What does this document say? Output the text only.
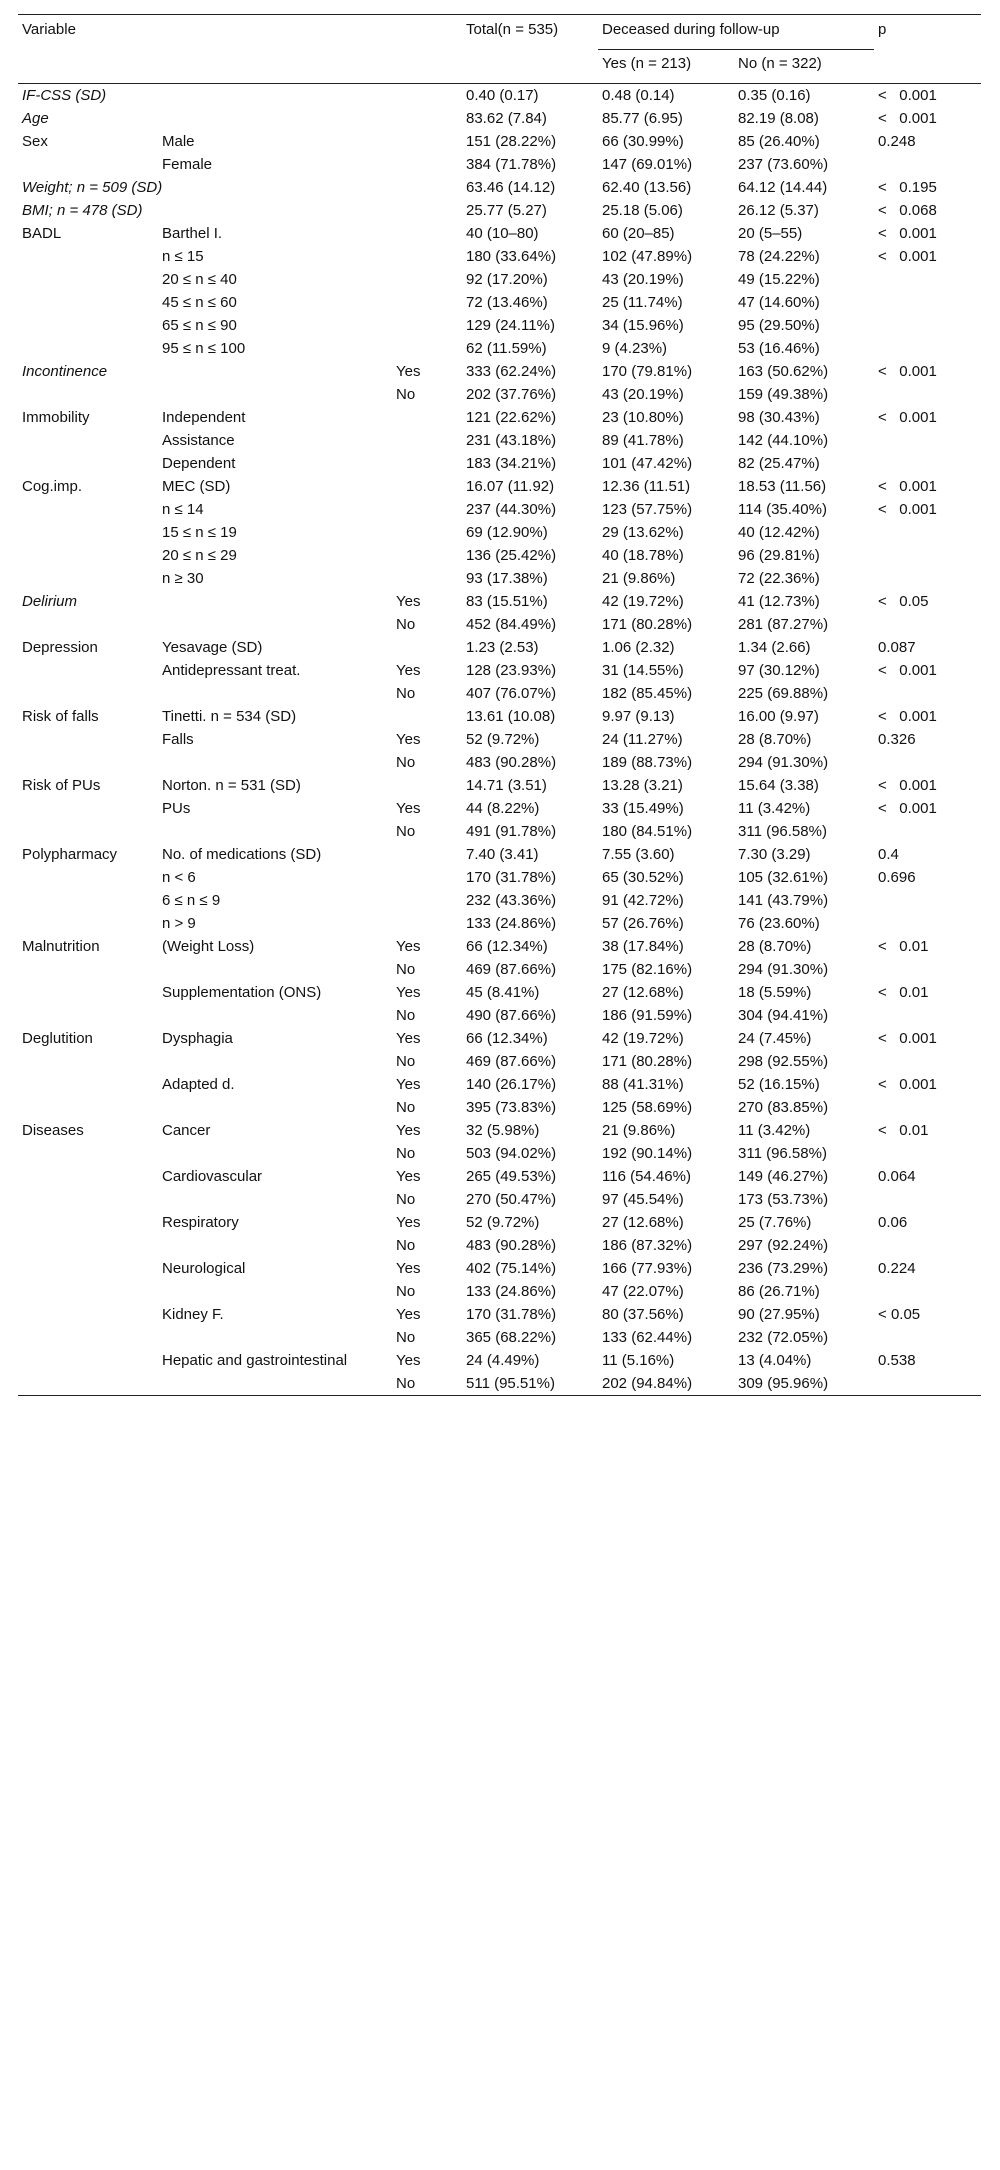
Variable			Total(n = 535)	Deceased during follow-up		p
				Yes (n = 213)	No (n = 322)	
IF-CSS (SD)			0.40 (0.17)	0.48 (0.14)	0.35 (0.16)	<   0.001
Age			83.62 (7.84)	85.77 (6.95)	82.19 (8.08)	<   0.001
Sex	Male		151 (28.22%)	66 (30.99%)	85 (26.40%)	0.248
	Female		384 (71.78%)	147 (69.01%)	237 (73.60%)	
Weight; n = 509 (SD)			63.46 (14.12)	62.40 (13.56)	64.12 (14.44)	<   0.195
BMI; n = 478 (SD)			25.77 (5.27)	25.18 (5.06)	26.12 (5.37)	<   0.068
BADL	Barthel I.		40 (10–80)	60 (20–85)	20 (5–55)	<   0.001
	n ≤ 15		180 (33.64%)	102 (47.89%)	78 (24.22%)	<   0.001
	20 ≤ n ≤ 40		92 (17.20%)	43 (20.19%)	49 (15.22%)	
	45 ≤ n ≤ 60		72 (13.46%)	25 (11.74%)	47 (14.60%)	
	65 ≤ n ≤ 90		129 (24.11%)	34 (15.96%)	95 (29.50%)	
	95 ≤ n ≤ 100		62 (11.59%)	9 (4.23%)	53 (16.46%)	
Incontinence		Yes	333 (62.24%)	170 (79.81%)	163 (50.62%)	<   0.001
		No	202 (37.76%)	43 (20.19%)	159 (49.38%)	
Immobility	Independent		121 (22.62%)	23 (10.80%)	98 (30.43%)	<   0.001
	Assistance		231 (43.18%)	89 (41.78%)	142 (44.10%)	
	Dependent		183 (34.21%)	101 (47.42%)	82 (25.47%)	
Cog.imp.	MEC (SD)		16.07 (11.92)	12.36 (11.51)	18.53 (11.56)	<   0.001
	n ≤ 14		237 (44.30%)	123 (57.75%)	114 (35.40%)	<   0.001
	15 ≤ n ≤ 19		69 (12.90%)	29 (13.62%)	40 (12.42%)	
	20 ≤ n ≤ 29		136 (25.42%)	40 (18.78%)	96 (29.81%)	
	n ≥ 30		93 (17.38%)	21 (9.86%)	72 (22.36%)	
Delirium		Yes	83 (15.51%)	42 (19.72%)	41 (12.73%)	<   0.05
		No	452 (84.49%)	171 (80.28%)	281 (87.27%)	
Depression	Yesavage (SD)		1.23 (2.53)	1.06 (2.32)	1.34 (2.66)	0.087
	Antidepressant treat.	Yes	128 (23.93%)	31 (14.55%)	97 (30.12%)	<   0.001
		No	407 (76.07%)	182 (85.45%)	225 (69.88%)	
Risk of falls	Tinetti. n = 534 (SD)		13.61 (10.08)	9.97 (9.13)	16.00 (9.97)	<   0.001
	Falls	Yes	52 (9.72%)	24 (11.27%)	28 (8.70%)	0.326
		No	483 (90.28%)	189 (88.73%)	294 (91.30%)	
Risk of PUs	Norton. n = 531 (SD)		14.71 (3.51)	13.28 (3.21)	15.64 (3.38)	<   0.001
	PUs	Yes	44 (8.22%)	33 (15.49%)	11 (3.42%)	<   0.001
		No	491 (91.78%)	180 (84.51%)	311 (96.58%)	
Polypharmacy	No. of medications (SD)		7.40 (3.41)	7.55 (3.60)	7.30 (3.29)	0.4
	n < 6		170 (31.78%)	65 (30.52%)	105 (32.61%)	0.696
	6 ≤ n ≤ 9		232 (43.36%)	91 (42.72%)	141 (43.79%)	
	n > 9		133 (24.86%)	57 (26.76%)	76 (23.60%)	
Malnutrition	(Weight Loss)	Yes	66 (12.34%)	38 (17.84%)	28 (8.70%)	<   0.01
		No	469 (87.66%)	175 (82.16%)	294 (91.30%)	
	Supplementation (ONS)	Yes	45 (8.41%)	27 (12.68%)	18 (5.59%)	<   0.01
		No	490 (87.66%)	186 (91.59%)	304 (94.41%)	
Deglutition	Dysphagia	Yes	66 (12.34%)	42 (19.72%)	24 (7.45%)	<   0.001
		No	469 (87.66%)	171 (80.28%)	298 (92.55%)	
	Adapted d.	Yes	140 (26.17%)	88 (41.31%)	52 (16.15%)	<   0.001
		No	395 (73.83%)	125 (58.69%)	270 (83.85%)	
Diseases	Cancer	Yes	32 (5.98%)	21 (9.86%)	11 (3.42%)	<   0.01
		No	503 (94.02%)	192 (90.14%)	311 (96.58%)	
	Cardiovascular	Yes	265 (49.53%)	116 (54.46%)	149 (46.27%)	0.064
		No	270 (50.47%)	97 (45.54%)	173 (53.73%)	
	Respiratory	Yes	52 (9.72%)	27 (12.68%)	25 (7.76%)	0.06
		No	483 (90.28%)	186 (87.32%)	297 (92.24%)	
	Neurological	Yes	402 (75.14%)	166 (77.93%)	236 (73.29%)	0.224
		No	133 (24.86%)	47 (22.07%)	86 (26.71%)	
	Kidney F.	Yes	170 (31.78%)	80 (37.56%)	90 (27.95%)	< 0.05
		No	365 (68.22%)	133 (62.44%)	232 (72.05%)	
	Hepatic and gastrointestinal	Yes	24 (4.49%)	11 (5.16%)	13 (4.04%)	0.538
		No	511 (95.51%)	202 (94.84%)	309 (95.96%)	
